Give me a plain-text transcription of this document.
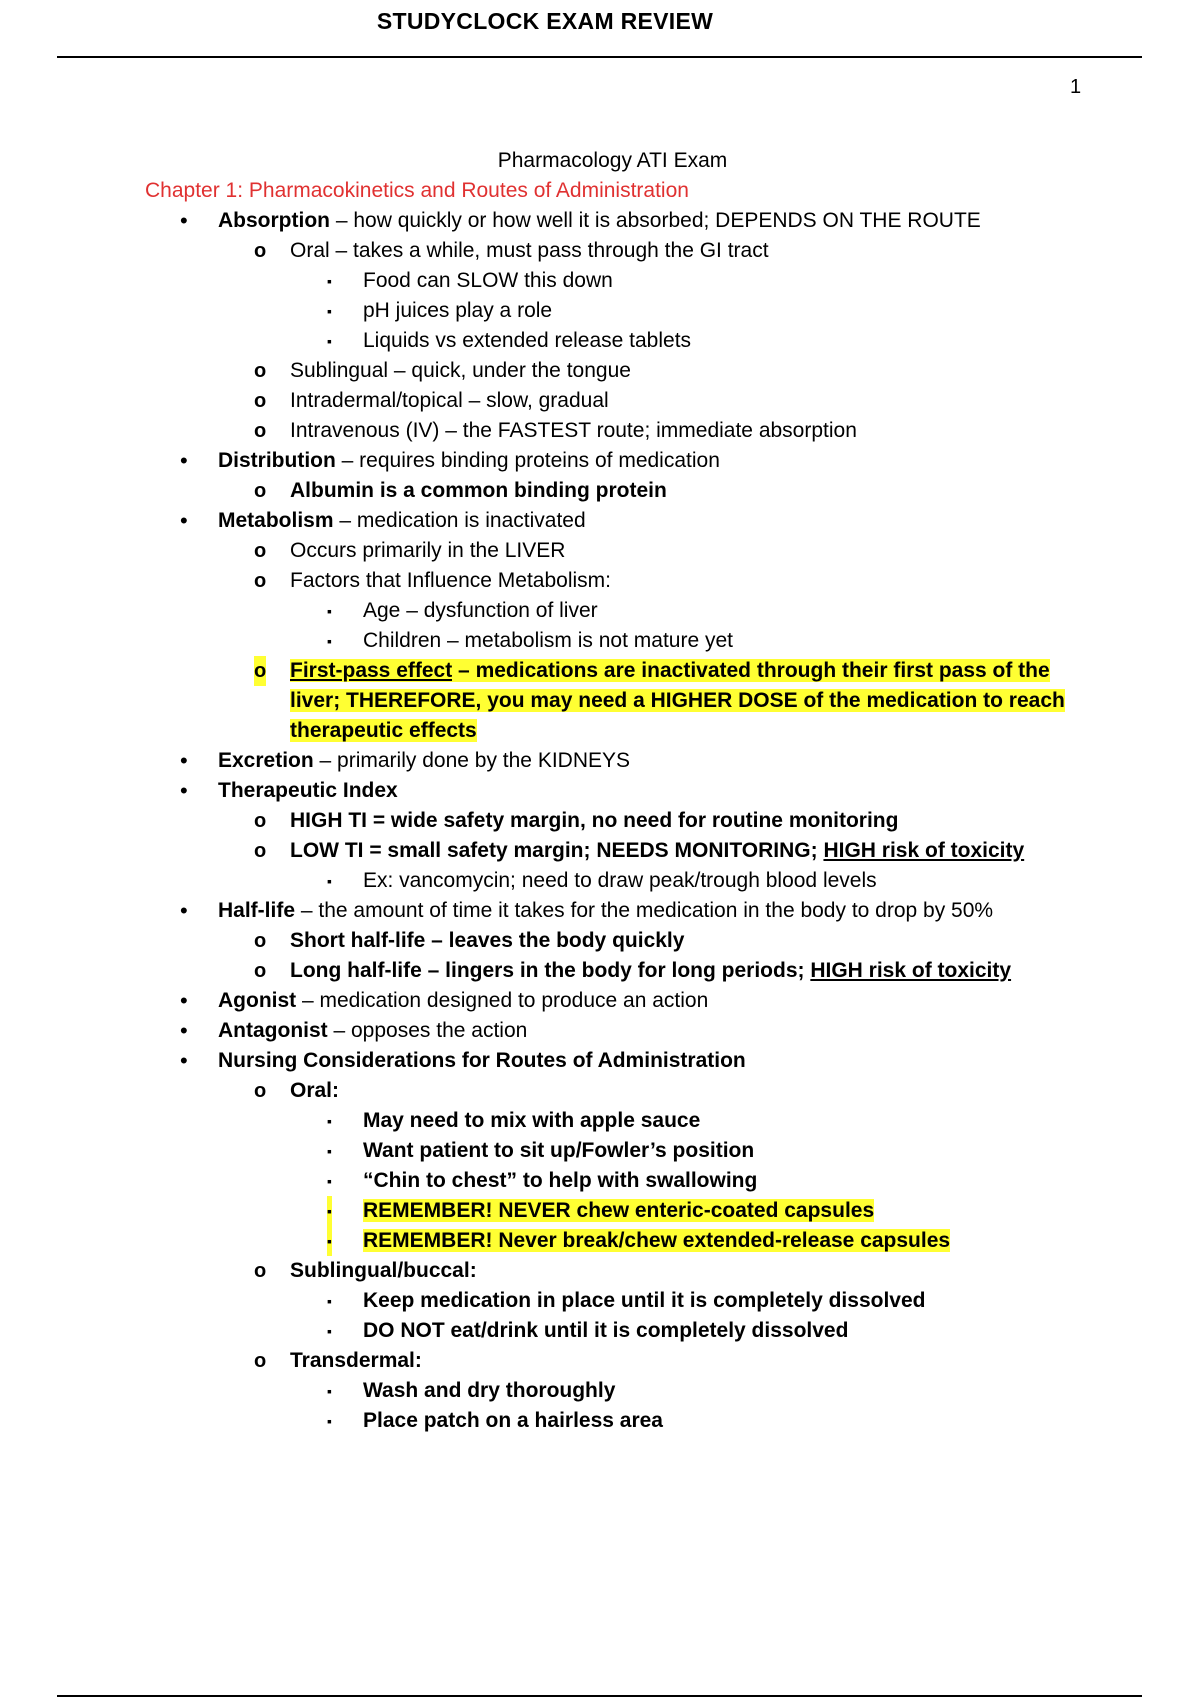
STUDYCLOCK EXAM REVIEW
1
Pharmacology ATI Exam
Chapter 1: Pharmacokinetics and Routes of Administration
• Absorption – how quickly or how well it is absorbed; DEPENDS ON THE ROUTE
o Oral – takes a while, must pass through the GI tract
▪ Food can SLOW this down
▪ pH juices play a role
▪ Liquids vs extended release tablets
o Sublingual – quick, under the tongue
o Intradermal/topical – slow, gradual
o Intravenous (IV) – the FASTEST route; immediate absorption
• Distribution – requires binding proteins of medication
o Albumin is a common binding protein
• Metabolism – medication is inactivated
o Occurs primarily in the LIVER
o Factors that Influence Metabolism:
▪ Age – dysfunction of liver
▪ Children – metabolism is not mature yet
o First-pass effect – medications are inactivated through their first pass of the
liver; THEREFORE, you may need a HIGHER DOSE of the medication to reach
therapeutic effects
• Excretion – primarily done by the KIDNEYS
• Therapeutic Index
o HIGH TI = wide safety margin, no need for routine monitoring
o LOW TI = small safety margin; NEEDS MONITORING; HIGH risk of toxicity
▪ Ex: vancomycin; need to draw peak/trough blood levels
• Half-life – the amount of time it takes for the medication in the body to drop by 50%
o Short half-life – leaves the body quickly
o Long half-life – lingers in the body for long periods; HIGH risk of toxicity
• Agonist – medication designed to produce an action
• Antagonist – opposes the action
• Nursing Considerations for Routes of Administration
o Oral:
▪ May need to mix with apple sauce
▪ Want patient to sit up/Fowler’s position
▪ “Chin to chest” to help with swallowing
▪ REMEMBER! NEVER chew enteric-coated capsules
▪ REMEMBER! Never break/chew extended-release capsules
o Sublingual/buccal:
▪ Keep medication in place until it is completely dissolved
▪ DO NOT eat/drink until it is completely dissolved
o Transdermal:
▪ Wash and dry thoroughly
▪ Place patch on a hairless area
